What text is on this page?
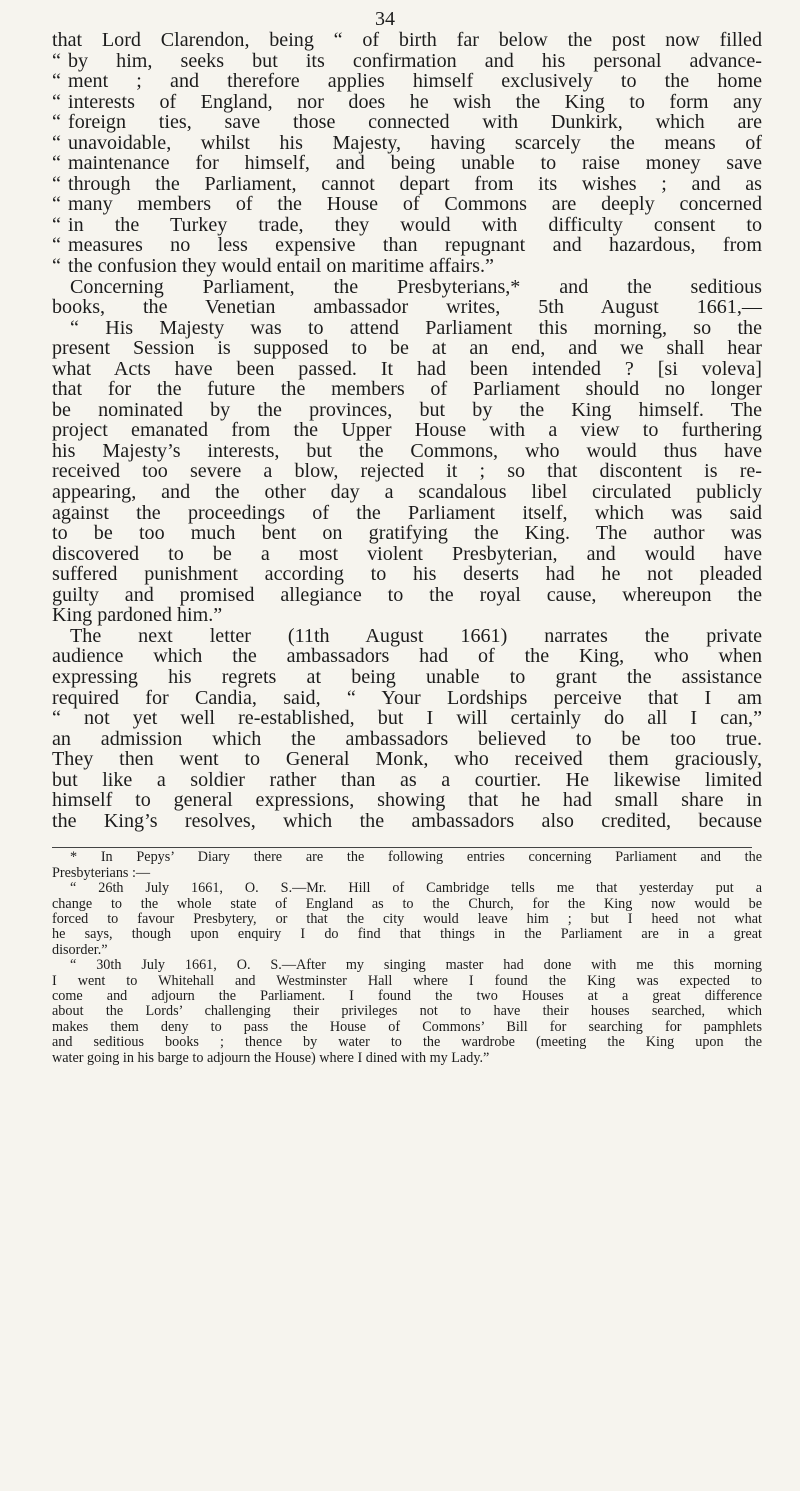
34

that Lord Clarendon, being “ of birth far below the post now filled
“ by him, seeks but its confirmation and his personal advance-
“ ment ; and therefore applies himself exclusively to the home
“ interests of England, nor does he wish the King to form any
“ foreign ties, save those connected with Dunkirk, which are
“ unavoidable, whilst his Majesty, having scarcely the means of
“ maintenance for himself, and being unable to raise money save
“ through the Parliament, cannot depart from its wishes ; and as
“ many members of the House of Commons are deeply concerned
“ in the Turkey trade, they would with difficulty consent to
“ measures no less expensive than repugnant and hazardous, from
“ the confusion they would entail on maritime affairs.”

Concerning Parliament, the Presbyterians,* and the seditious
books, the Venetian ambassador writes, 5th August 1661,—
“ His Majesty was to attend Parliament this morning, so the
present Session is supposed to be at an end, and we shall hear
what Acts have been passed. It had been intended ? [si voleva]
that for the future the members of Parliament should no longer
be nominated by the provinces, but by the King himself. The
project emanated from the Upper House with a view to furthering
his Majesty’s interests, but the Commons, who would thus have
received too severe a blow, rejected it ; so that discontent is re-
appearing, and the other day a scandalous libel circulated publicly
against the proceedings of the Parliament itself, which was said
to be too much bent on gratifying the King. The author was
discovered to be a most violent Presbyterian, and would have
suffered punishment according to his deserts had he not pleaded
guilty and promised allegiance to the royal cause, whereupon the
King pardoned him.”

The next letter (11th August 1661) narrates the private
audience which the ambassadors had of the King, who when
expressing his regrets at being unable to grant the assistance
required for Candia, said, “ Your Lordships perceive that I am
“ not yet well re-established, but I will certainly do all I can,”
an admission which the ambassadors believed to be too true.
They then went to General Monk, who received them graciously,
but like a soldier rather than as a courtier. He likewise limited
himself to general expressions, showing that he had small share in
the King’s resolves, which the ambassadors also credited, because

* In Pepys’ Diary there are the following entries concerning Parliament and the
Presbyterians :—
“ 26th July 1661, O. S.—Mr. Hill of Cambridge tells me that yesterday put a
change to the whole state of England as to the Church, for the King now would be
forced to favour Presbytery, or that the city would leave him ; but I heed not what
he says, though upon enquiry I do find that things in the Parliament are in a great
disorder.”
“ 30th July 1661, O. S.—After my singing master had done with me this morning
I went to Whitehall and Westminster Hall where I found the King was expected to
come and adjourn the Parliament. I found the two Houses at a great difference
about the Lords’ challenging their privileges not to have their houses searched, which
makes them deny to pass the House of Commons’ Bill for searching for pamphlets
and seditious books ; thence by water to the wardrobe (meeting the King upon the
water going in his barge to adjourn the House) where I dined with my Lady.”
